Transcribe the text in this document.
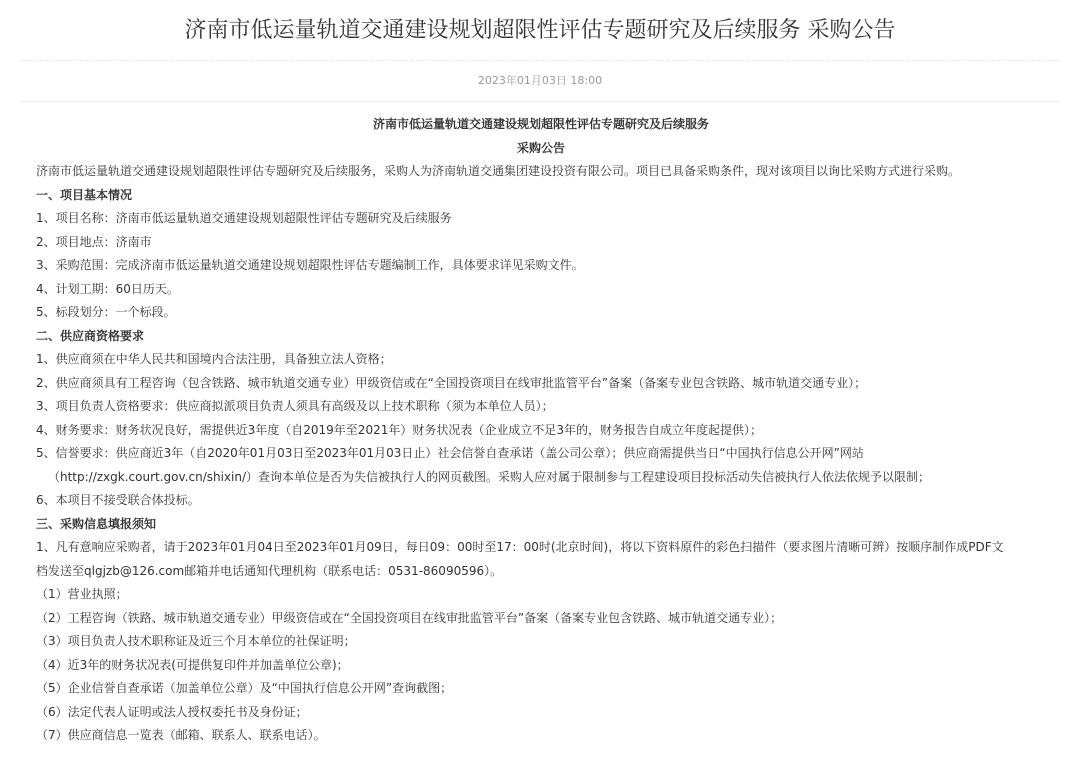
济南市低运量轨道交通建设规划超限性评估专题研究及后续服务 采购公告
2023年01月03日 18:00

济南市低运量轨道交通建设规划超限性评估专题研究及后续服务

采购公告

济南市低运量轨道交通建设规划超限性评估专题研究及后续服务，采购人为济南轨道交通集团建设投资有限公司。项目已具备采购条件，现对该项目以询比采购方式进行采购。

一、项目基本情况

1、项目名称：济南市低运量轨道交通建设规划超限性评估专题研究及后续服务

2、项目地点：济南市

3、采购范围：完成济南市低运量轨道交通建设规划超限性评估专题编制工作，具体要求详见采购文件。

4、计划工期：60日历天。

5、标段划分：一个标段。

二、供应商资格要求

1、供应商须在中华人民共和国境内合法注册，具备独立法人资格；

2、供应商须具有工程咨询（包含铁路、城市轨道交通专业）甲级资信或在“全国投资项目在线审批监管平台”备案（备案专业包含铁路、城市轨道交通专业）；

3、项目负责人资格要求：供应商拟派项目负责人须具有高级及以上技术职称（须为本单位人员）；

4、财务要求：财务状况良好，需提供近3年度（自2019年至2021年）财务状况表（企业成立不足3年的，财务报告自成立年度起提供）；

5、信誉要求：供应商近3年（自2020年01月03日至2023年01月03日止）社会信誉自查承诺（盖公司公章）；供应商需提供当日“中国执行信息公开网”网站

（http://zxgk.court.gov.cn/shixin/）查询本单位是否为失信被执行人的网页截图。采购人应对属于限制参与工程建设项目投标活动失信被执行人依法依规予以限制；

6、本项目不接受联合体投标。

三、采购信息填报须知

1、凡有意响应采购者，请于2023年01月04日至2023年01月09日，每日09：00时至17：00时(北京时间)，将以下资料原件的彩色扫描件（要求图片清晰可辨）按顺序制作成PDF文

档发送至qlgjzb@126.com邮箱并电话通知代理机构（联系电话：0531-86090596）。

（1）营业执照；

（2）工程咨询（铁路、城市轨道交通专业）甲级资信或在“全国投资项目在线审批监管平台”备案（备案专业包含铁路、城市轨道交通专业）；

（3）项目负责人技术职称证及近三个月本单位的社保证明；

（4）近3年的财务状况表(可提供复印件并加盖单位公章)；

（5）企业信誉自查承诺（加盖单位公章）及“中国执行信息公开网”查询截图；

（6）法定代表人证明或法人授权委托书及身份证；

（7）供应商信息一览表（邮箱、联系人、联系电话）。
